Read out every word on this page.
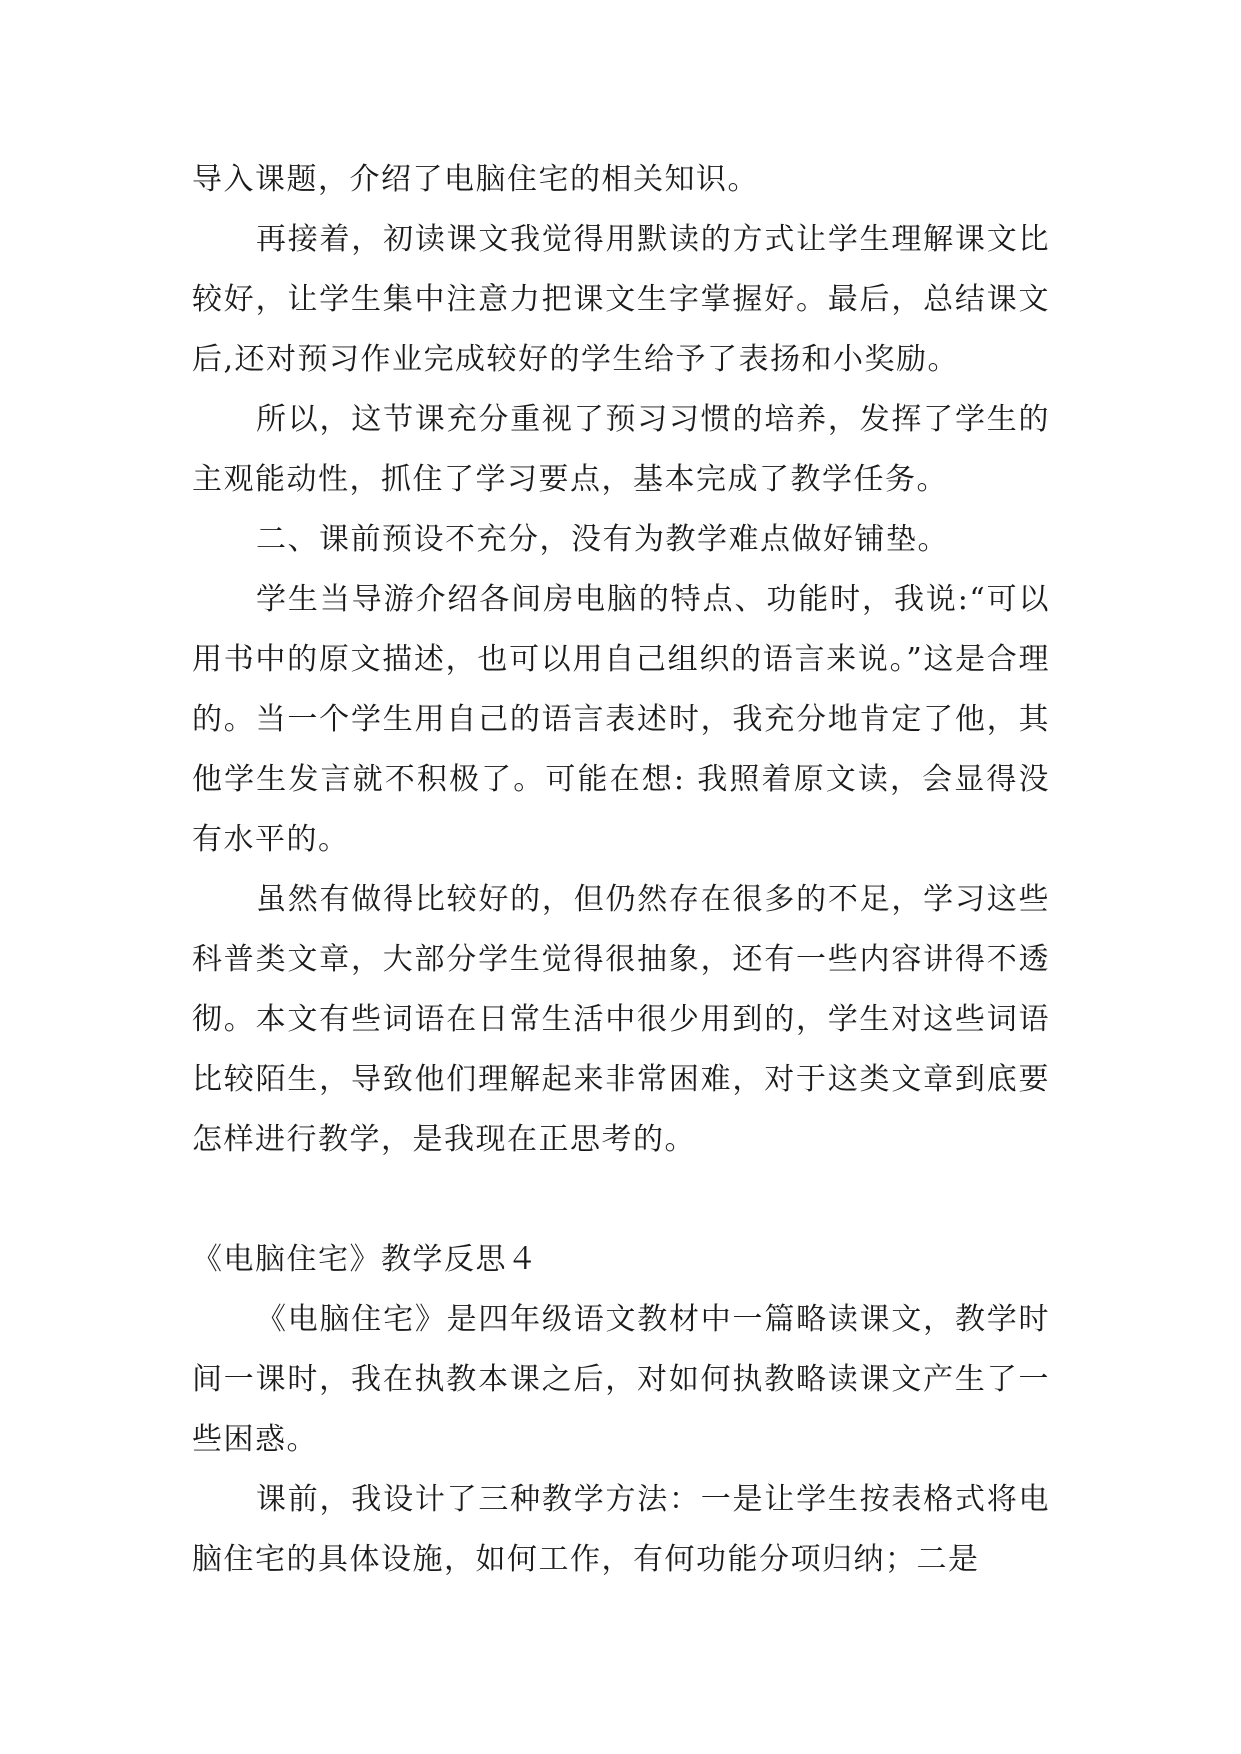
导入课题，介绍了电脑住宅的相关知识。

再接着，初读课文我觉得用默读的方式让学生理解课文比较好，让学生集中注意力把课文生字掌握好。最后，总结课文后,还对预习作业完成较好的学生给予了表扬和小奖励。

所以，这节课充分重视了预习习惯的培养，发挥了学生的主观能动性，抓住了学习要点，基本完成了教学任务。

二、课前预设不充分，没有为教学难点做好铺垫。

学生当导游介绍各间房电脑的特点、功能时，我说:“可以用书中的原文描述，也可以用自己组织的语言来说。”这是合理的。当一个学生用自己的语言表述时，我充分地肯定了他，其他学生发言就不积极了。可能在想: 我照着原文读，会显得没有水平的。

虽然有做得比较好的，但仍然存在很多的不足，学习这些科普类文章，大部分学生觉得很抽象，还有一些内容讲得不透彻。本文有些词语在日常生活中很少用到的，学生对这些词语比较陌生，导致他们理解起来非常困难，对于这类文章到底要怎样进行教学，是我现在正思考的。

《电脑住宅》教学反思４

《电脑住宅》是四年级语文教材中一篇略读课文，教学时间一课时，我在执教本课之后，对如何执教略读课文产生了一些困惑。

课前，我设计了三种教学方法：一是让学生按表格式将电脑住宅的具体设施，如何工作，有何功能分项归纳；二是
